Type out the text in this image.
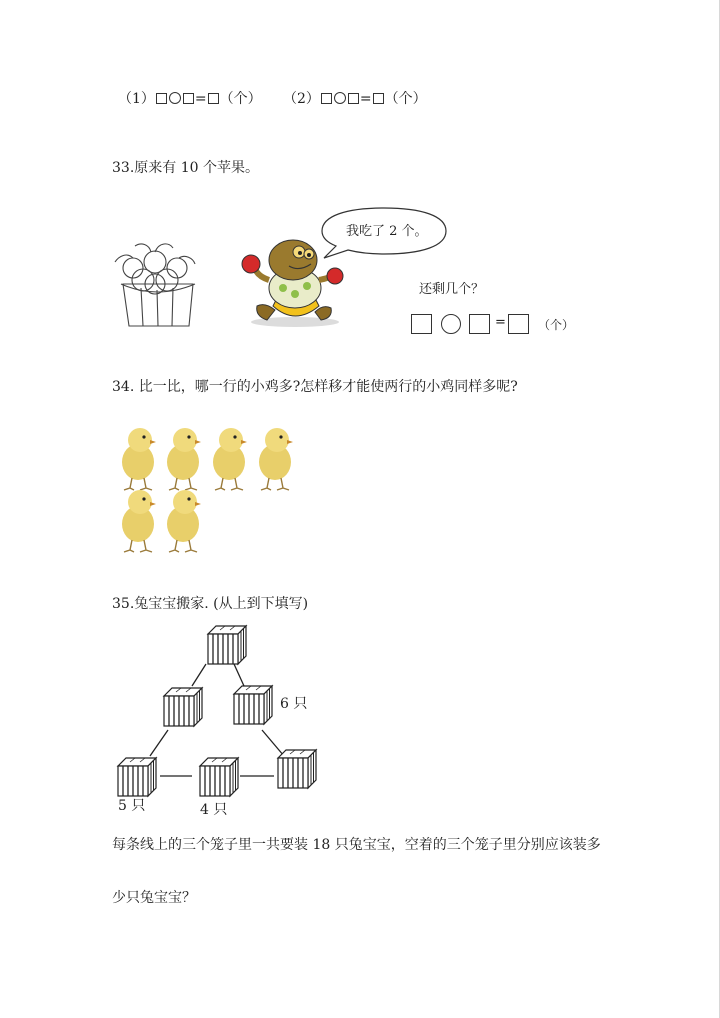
（1）	= （个） （2）	= （个）
33.原来有 10 个苹果。
我吃了 2 个。
还剩几个？
=	（个）
34. 比一比，哪一行的小鸡多?怎样移才能使两行的小鸡同样多呢?
35.兔宝宝搬家. (从上到下填写)
6 只
5 只	4 只
每条线上的三个笼子里一共要装 18 只兔宝宝，空着的三个笼子里分别应该装多
少只兔宝宝？
